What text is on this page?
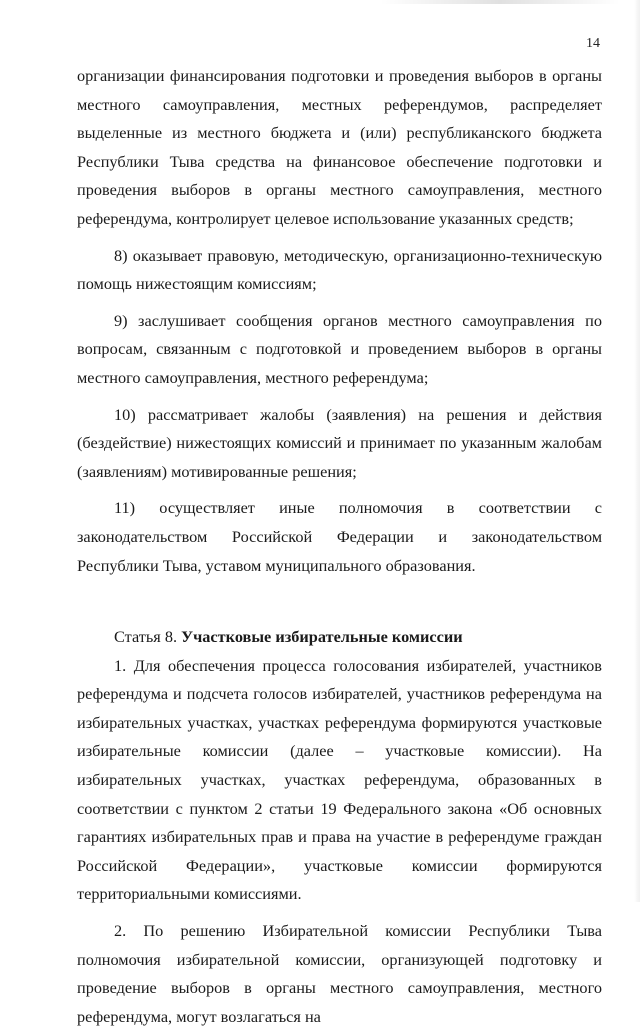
14

организации финансирования подготовки и проведения выборов в органы местного самоуправления, местных референдумов, распределяет выделенные из местного бюджета и (или) республиканского бюджета Республики Тыва средства на финансовое обеспечение подготовки и проведения выборов в органы местного самоуправления, местного референдума, контролирует целевое использование указанных средств;

8) оказывает правовую, методическую, организационно-техническую помощь нижестоящим комиссиям;

9) заслушивает сообщения органов местного самоуправления по вопросам, связанным с подготовкой и проведением выборов в органы местного самоуправления, местного референдума;

10) рассматривает жалобы (заявления) на решения и действия (бездействие) нижестоящих комиссий и принимает по указанным жалобам (заявлениям) мотивированные решения;

11) осуществляет иные полномочия в соответствии с законодательством Российской Федерации и законодательством Республики Тыва, уставом муниципального образования.

Статья 8. Участковые избирательные комиссии

1. Для обеспечения процесса голосования избирателей, участников референдума и подсчета голосов избирателей, участников референдума на избирательных участках, участках референдума формируются участковые избирательные комиссии (далее – участковые комиссии). На избирательных участках, участках референдума, образованных в соответствии с пунктом 2 статьи 19 Федерального закона «Об основных гарантиях избирательных прав и права на участие в референдуме граждан Российской Федерации», участковые комиссии формируются территориальными комиссиями.

2. По решению Избирательной комиссии Республики Тыва полномочия избирательной комиссии, организующей подготовку и проведение выборов в органы местного самоуправления, местного референдума, могут возлагаться на
